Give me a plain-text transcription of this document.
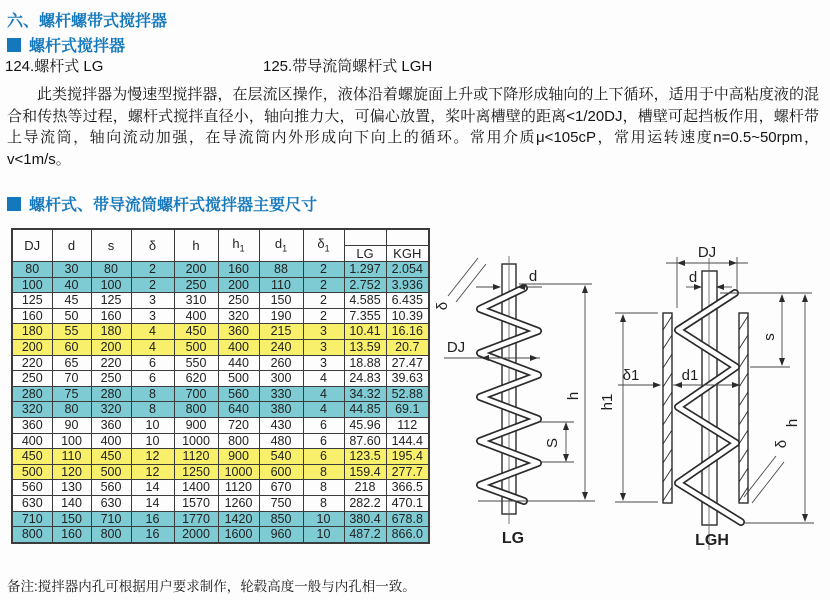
六、螺杆螺带式搅拌器
螺杆式搅拌器
124.螺杆式 LG	125.带导流筒螺杆式 LGH
此类搅拌器为慢速型搅拌器，在层流区操作，液体沿着螺旋面上升或下降形成轴向的上下循环，适用于中高粘度液的混合和传热等过程，螺杆式搅拌直径小，轴向推力大，可偏心放置，桨叶离槽壁的距离<1/20DJ，槽壁可起挡板作用，螺杆带上导流筒，轴向流动加强，在导流筒内外形成向下向上的循环。常用介质μ<105cP，常用运转速度n=0.5~50rpm，v<1m/s。
螺杆式、带导流筒螺杆式搅拌器主要尺寸
DJ	d	s	δ	h	$h_1$	$d_1$	$\delta_1$		
								LG	KGH
80	30	80	2	200	160	88	2	1.297	2.054
100	40	100	2	250	200	110	2	2.752	3.936
125	45	125	3	310	250	150	2	4.585	6.435
160	50	160	3	400	320	190	2	7.355	10.39
180	55	180	4	450	360	215	3	10.41	16.16
200	60	200	4	500	400	240	3	13.59	20.7
220	65	220	6	550	440	260	3	18.88	27.47
250	70	250	6	620	500	300	4	24.83	39.63
280	75	280	8	700	560	330	4	34.32	52.88
320	80	320	8	800	640	380	4	44.85	69.1
360	90	360	10	900	720	430	6	45.96	112
400	100	400	10	1000	800	480	6	87.60	144.4
450	110	450	12	1120	900	540	6	123.5	195.4
500	120	500	12	1250	1000	600	8	159.4	277.7
560	130	560	14	1400	1120	670	8	218	366.5
630	140	630	14	1570	1260	750	8	282.2	470.1
710	150	710	16	1770	1420	850	10	380.4	678.8
800	160	800	16	2000	1600	960	10	487.2	866.0
备注:搅拌器内孔可根据用户要求制作，轮毂高度一般与内孔相一致。
d
δ
DJ
h
S
LG
DJ
d
h1
δ1	d1
s
h
δ
LGH
